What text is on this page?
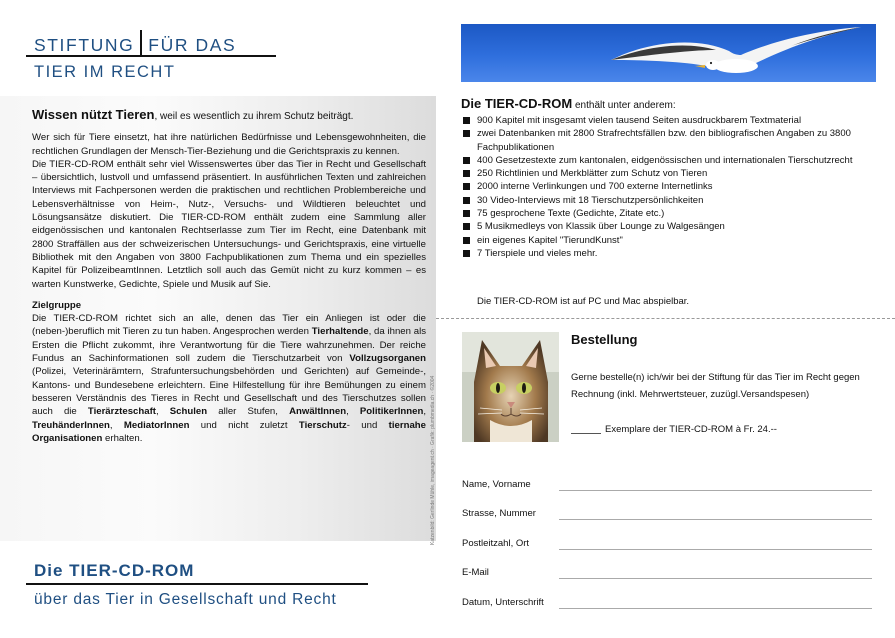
STIFTUNG FÜR DAS
TIER IM RECHT

Wissen nützt Tieren, weil es wesentlich zu ihrem Schutz beiträgt.

Wer sich für Tiere einsetzt, hat ihre natürlichen Bedürfnisse und Lebensgewohnheiten, die rechtlichen Grundlagen der Mensch-Tier-Beziehung und die Gerichtspraxis zu kennen.

Die TIER-CD-ROM enthält sehr viel Wissenswertes über das Tier in Recht und Gesellschaft – übersichtlich, lustvoll und umfassend präsentiert. In ausführlichen Texten und zahlreichen Interviews mit Fachpersonen werden die praktischen und rechtlichen Problembereiche und Lebensverhältnisse von Heim-, Nutz-, Versuchs- und Wildtieren beleuchtet und Lösungsansätze diskutiert. Die TIER-CD-ROM enthält zudem eine Sammlung aller eidgenössischen und kantonalen Rechtserlasse zum Tier im Recht, eine Datenbank mit 2800 Straffällen aus der schweizerischen Untersuchungs- und Gerichtspraxis, eine virtuelle Bibliothek mit den Angaben von 3800 Fachpublikationen zum Thema und ein spezielles Kapitel für PolizeibeamtInnen. Letztlich soll auch das Gemüt nicht zu kurz kommen – es warten Kunstwerke, Gedichte, Spiele und Musik auf Sie.

Zielgruppe

Die TIER-CD-ROM richtet sich an alle, denen das Tier ein Anliegen ist oder die (neben-)beruflich mit Tieren zu tun haben. Angesprochen werden Tierhaltende, da ihnen als Ersten die Pflicht zukommt, ihre Verantwortung für die Tiere wahrzunehmen. Der reiche Fundus an Sachinformationen soll zudem die Tierschutzarbeit von Vollzugsorganen (Polizei, Veterinärämtern, Strafuntersuchungsbehörden und Gerichten) auf Gemeinde-, Kantons- und Bundesebene erleichtern. Eine Hilfestellung für ihre Bemühungen zu einem besseren Verständnis des Tieres in Recht und Gesellschaft und des Tierschutzes sollen auch die Tierärzteschaft, Schulen aller Stufen, AnwältInnen, PolitikerInnen, TreuhänderInnen, MediatorInnen und nicht zuletzt Tierschutz- und tiernahe Organisationen erhalten.	Katzenbild: Gerlinde Mühle, imageagent.ch · Grafik: plumbmedia.ch · ©2004
Die TIER-CD-ROM
über das Tier in Gesellschaft und Recht
Die TIER-CD-ROM enthält unter anderem:
900 Kapitel mit insgesamt vielen tausend Seiten ausdruckbarem Textmaterial
zwei Datenbanken mit 2800 Strafrechtsfällen bzw. den bibliografischen Angaben zu 3800 Fachpublikationen
400 Gesetzestexte zum kantonalen, eidgenössischen und internationalen Tierschutzrecht
250 Richtlinien und Merkblätter zum Schutz von Tieren
2000 interne Verlinkungen und 700 externe Internetlinks
30 Video-Interviews mit 18 Tierschutzpersönlichkeiten
75 gesprochene Texte (Gedichte, Zitate etc.)
5 Musikmedleys von Klassik über Lounge zu Walgesängen
ein eigenes Kapitel "TierundKunst"
7 Tierspiele und vieles mehr.
Die TIER-CD-ROM ist auf PC und Mac abspielbar.
Bestellung
Gerne bestelle(n) ich/wir bei der Stiftung für das Tier im Recht gegen Rechnung (inkl. Mehrwertsteuer, zuzügl.Versandspesen)
Exemplare der TIER-CD-ROM à Fr. 24.--
Name, Vorname
Strasse, Nummer
Postleitzahl, Ort
E-Mail
Datum, Unterschrift
